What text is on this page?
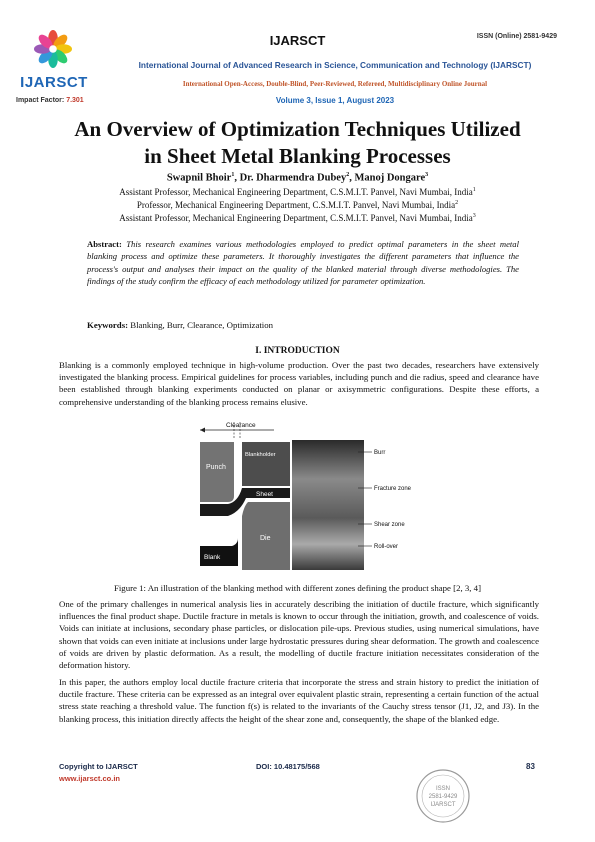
IJARSCT
Impact Factor: 7.301
IJARSCT	ISSN (Online) 2581-9429
International Journal of Advanced Research in Science, Communication and Technology (IJARSCT)
International Open-Access, Double-Blind, Peer-Reviewed, Refereed, Multidisciplinary Online Journal
Volume 3, Issue 1, August 2023
An Overview of Optimization Techniques Utilized
in Sheet Metal Blanking Processes
Swapnil Bhoir$^1$, Dr. Dharmendra Dubey$^2$, Manoj Dongare$^3$
Assistant Professor, Mechanical Engineering Department, C.S.M.I.T. Panvel, Navi Mumbai, India$^1$
Professor, Mechanical Engineering Department, C.S.M.I.T. Panvel, Navi Mumbai, India$^2$
Assistant Professor, Mechanical Engineering Department, C.S.M.I.T. Panvel, Navi Mumbai, India$^3$
Abstract: This research examines various methodologies employed to predict optimal parameters in the sheet metal blanking process and optimize these parameters. It thoroughly investigates the different parameters that influence the process's output and analyses their impact on the quality of the blanked material through diverse methodologies. The findings of the study confirm the efficacy of each methodology utilized for parameter optimization.
Keywords: Blanking, Burr, Clearance, Optimization
I. INTRODUCTION
Blanking is a commonly employed technique in high-volume production. Over the past two decades, researchers have extensively investigated the blanking process. Empirical guidelines for process variables, including punch and die radius, speed and clearance have been established through blanking experiments conducted on planar or axisymmetric configurations. Despite these efforts, a comprehensive understanding of the blanking process remains elusive.
Clearance
Punch
Blankholder
Sheet
Die
Blank
Burr
Fracture zone
Shear zone
Roll-over
Figure 1: An illustration of the blanking method with different zones defining the product shape [2, 3, 4]
One of the primary challenges in numerical analysis lies in accurately describing the initiation of ductile fracture, which significantly influences the final product shape. Ductile fracture in metals is known to occur through the initiation, growth, and coalescence of voids. Voids can initiate at inclusions, secondary phase particles, or dislocation pile-ups. Previous studies, using numerical simulations, have shown that voids can even initiate at inclusions under large hydrostatic pressures during shear deformation. The growth and coalescence of voids are driven by plastic deformation. As a result, the modelling of ductile fracture initiation necessitates consideration of the deformation history.
In this paper, the authors employ local ductile fracture criteria that incorporate the stress and strain history to predict the initiation of ductile fracture. These criteria can be expressed as an integral over equivalent plastic strain, representing a certain function of the actual stress state reaching a threshold value. The function f(s) is related to the invariants of the Cauchy stress tensor (J1, J2, and J3). In the blanking process, this initiation directly affects the height of the shear zone and, consequently, the shape of the blanked edge.
Copyright to IJARSCT
www.ijarsct.co.in
DOI: 10.48175/568	83
ISSN
2581-9429
IJARSCT
